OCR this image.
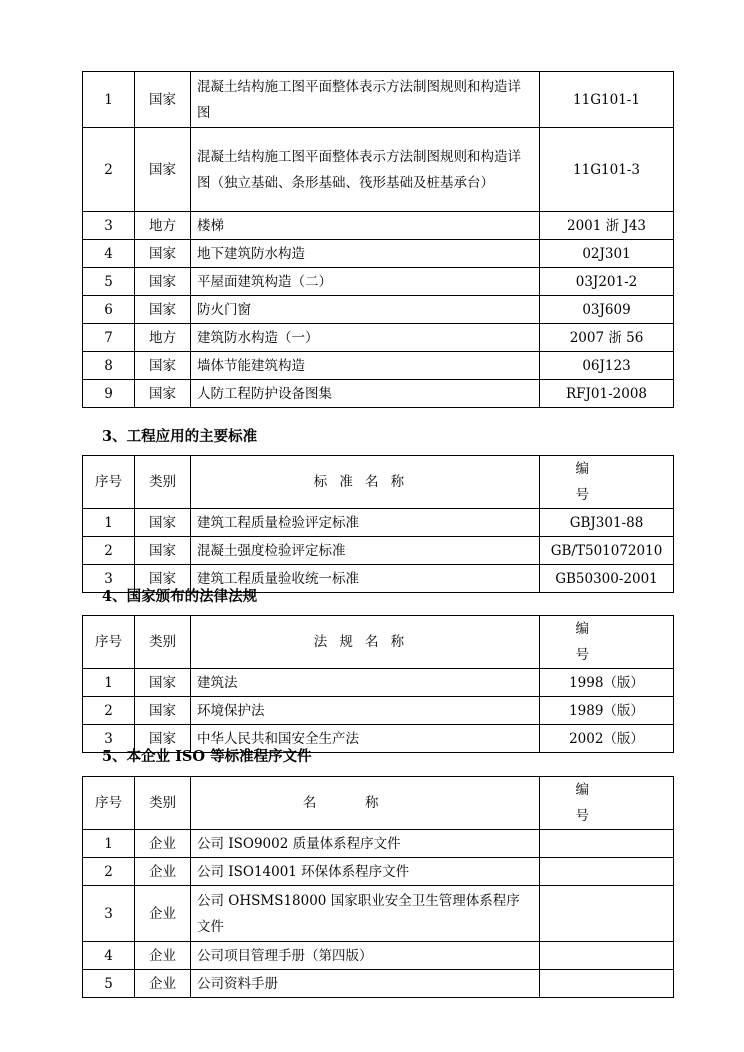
1	国家	混凝土结构施工图平面整体表示方法制图规则和构造详图	11G101-1
2	国家	混凝土结构施工图平面整体表示方法制图规则和构造详图（独立基础、条形基础、筏形基础及桩基承台）	11G101-3
3	地方	楼梯	2001 浙 J43
4	国家	地下建筑防水构造	02J301
5	国家	平屋面建筑构造（二）	03J201-2
6	国家	防火门窗	03J609
7	地方	建筑防水构造（一）	2007 浙 56
8	国家	墙体节能建筑构造	06J123
9	国家	人防工程防护设备图集	RFJ01-2008
3、工程应用的主要标准
序号	类别	标准名称	编号
1	国家	建筑工程质量检验评定标准	GBJ301-88
2	国家	混凝土强度检验评定标准	GB/T501072010
3	国家	建筑工程质量验收统一标准	GB50300-2001
4、国家颁布的法律法规
序号	类别	法规名称	编号
1	国家	建筑法	1998（版）
2	国家	环境保护法	1989（版）
3	国家	中华人民共和国安全生产法	2002（版）
5、本企业 ISO 等标准程序文件
序号	类别	名称	编号
1	企业	公司 ISO9002 质量体系程序文件	
2	企业	公司 ISO14001 环保体系程序文件	
3	企业	公司 OHSMS18000 国家职业安全卫生管理体系程序文件	
4	企业	公司项目管理手册（第四版）	
5	企业	公司资料手册	
